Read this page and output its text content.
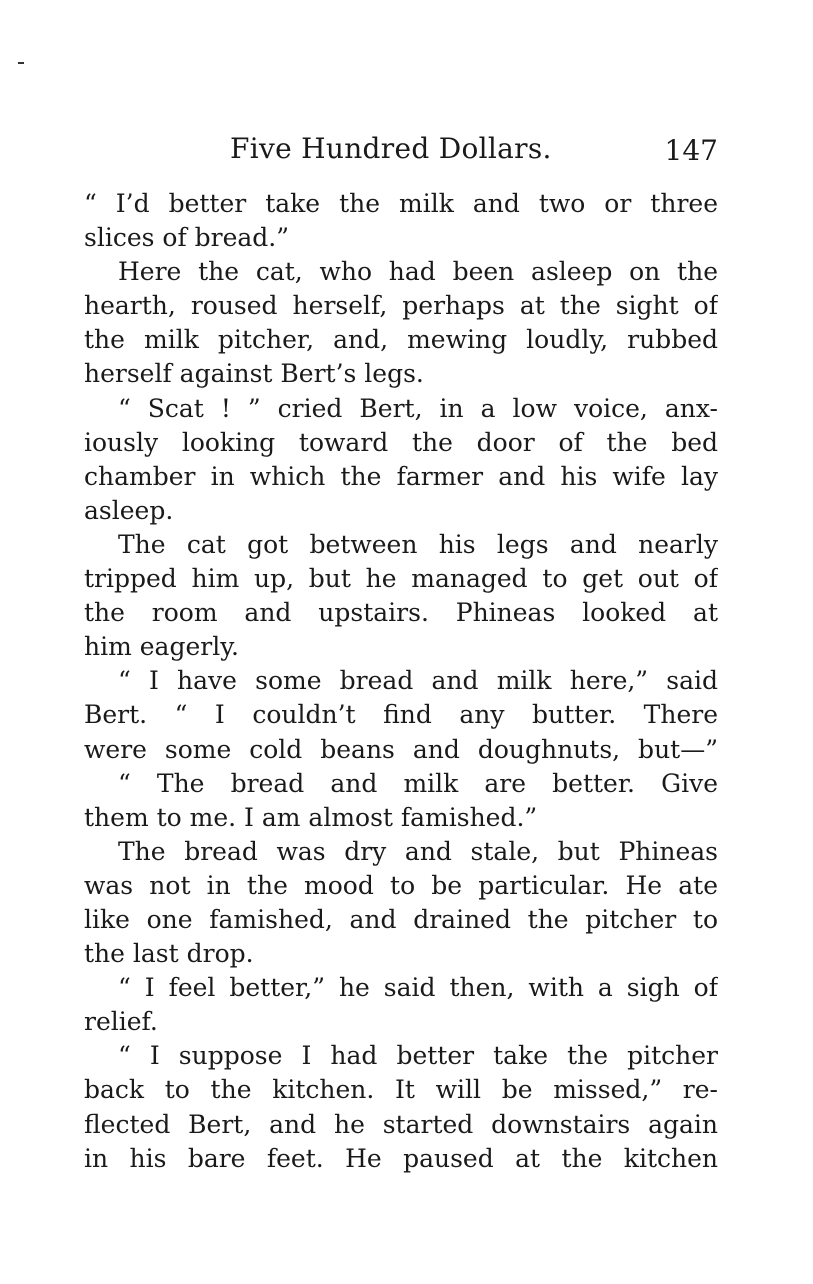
Five Hundred Dollars.	147
“ I’d better take the milk and two or three
slices of bread.”
Here the cat, who had been asleep on the
hearth, roused herself, perhaps at the sight of
the milk pitcher, and, mewing loudly, rubbed
herself against Bert’s legs.
“ Scat ! ” cried Bert, in a low voice, anx-
iously looking toward the door of the bed
chamber in which the farmer and his wife lay
asleep.
The cat got between his legs and nearly
tripped him up, but he managed to get out of
the room and upstairs. Phineas looked at
him eagerly.
“ I have some bread and milk here,” said
Bert. “ I couldn’t find any butter. There
were some cold beans and doughnuts, but—”
“ The bread and milk are better. Give
them to me. I am almost famished.”
The bread was dry and stale, but Phineas
was not in the mood to be particular. He ate
like one famished, and drained the pitcher to
the last drop.
“ I feel better,” he said then, with a sigh of
relief.
“ I suppose I had better take the pitcher
back to the kitchen. It will be missed,” re-
flected Bert, and he started downstairs again
in his bare feet. He paused at the kitchen
